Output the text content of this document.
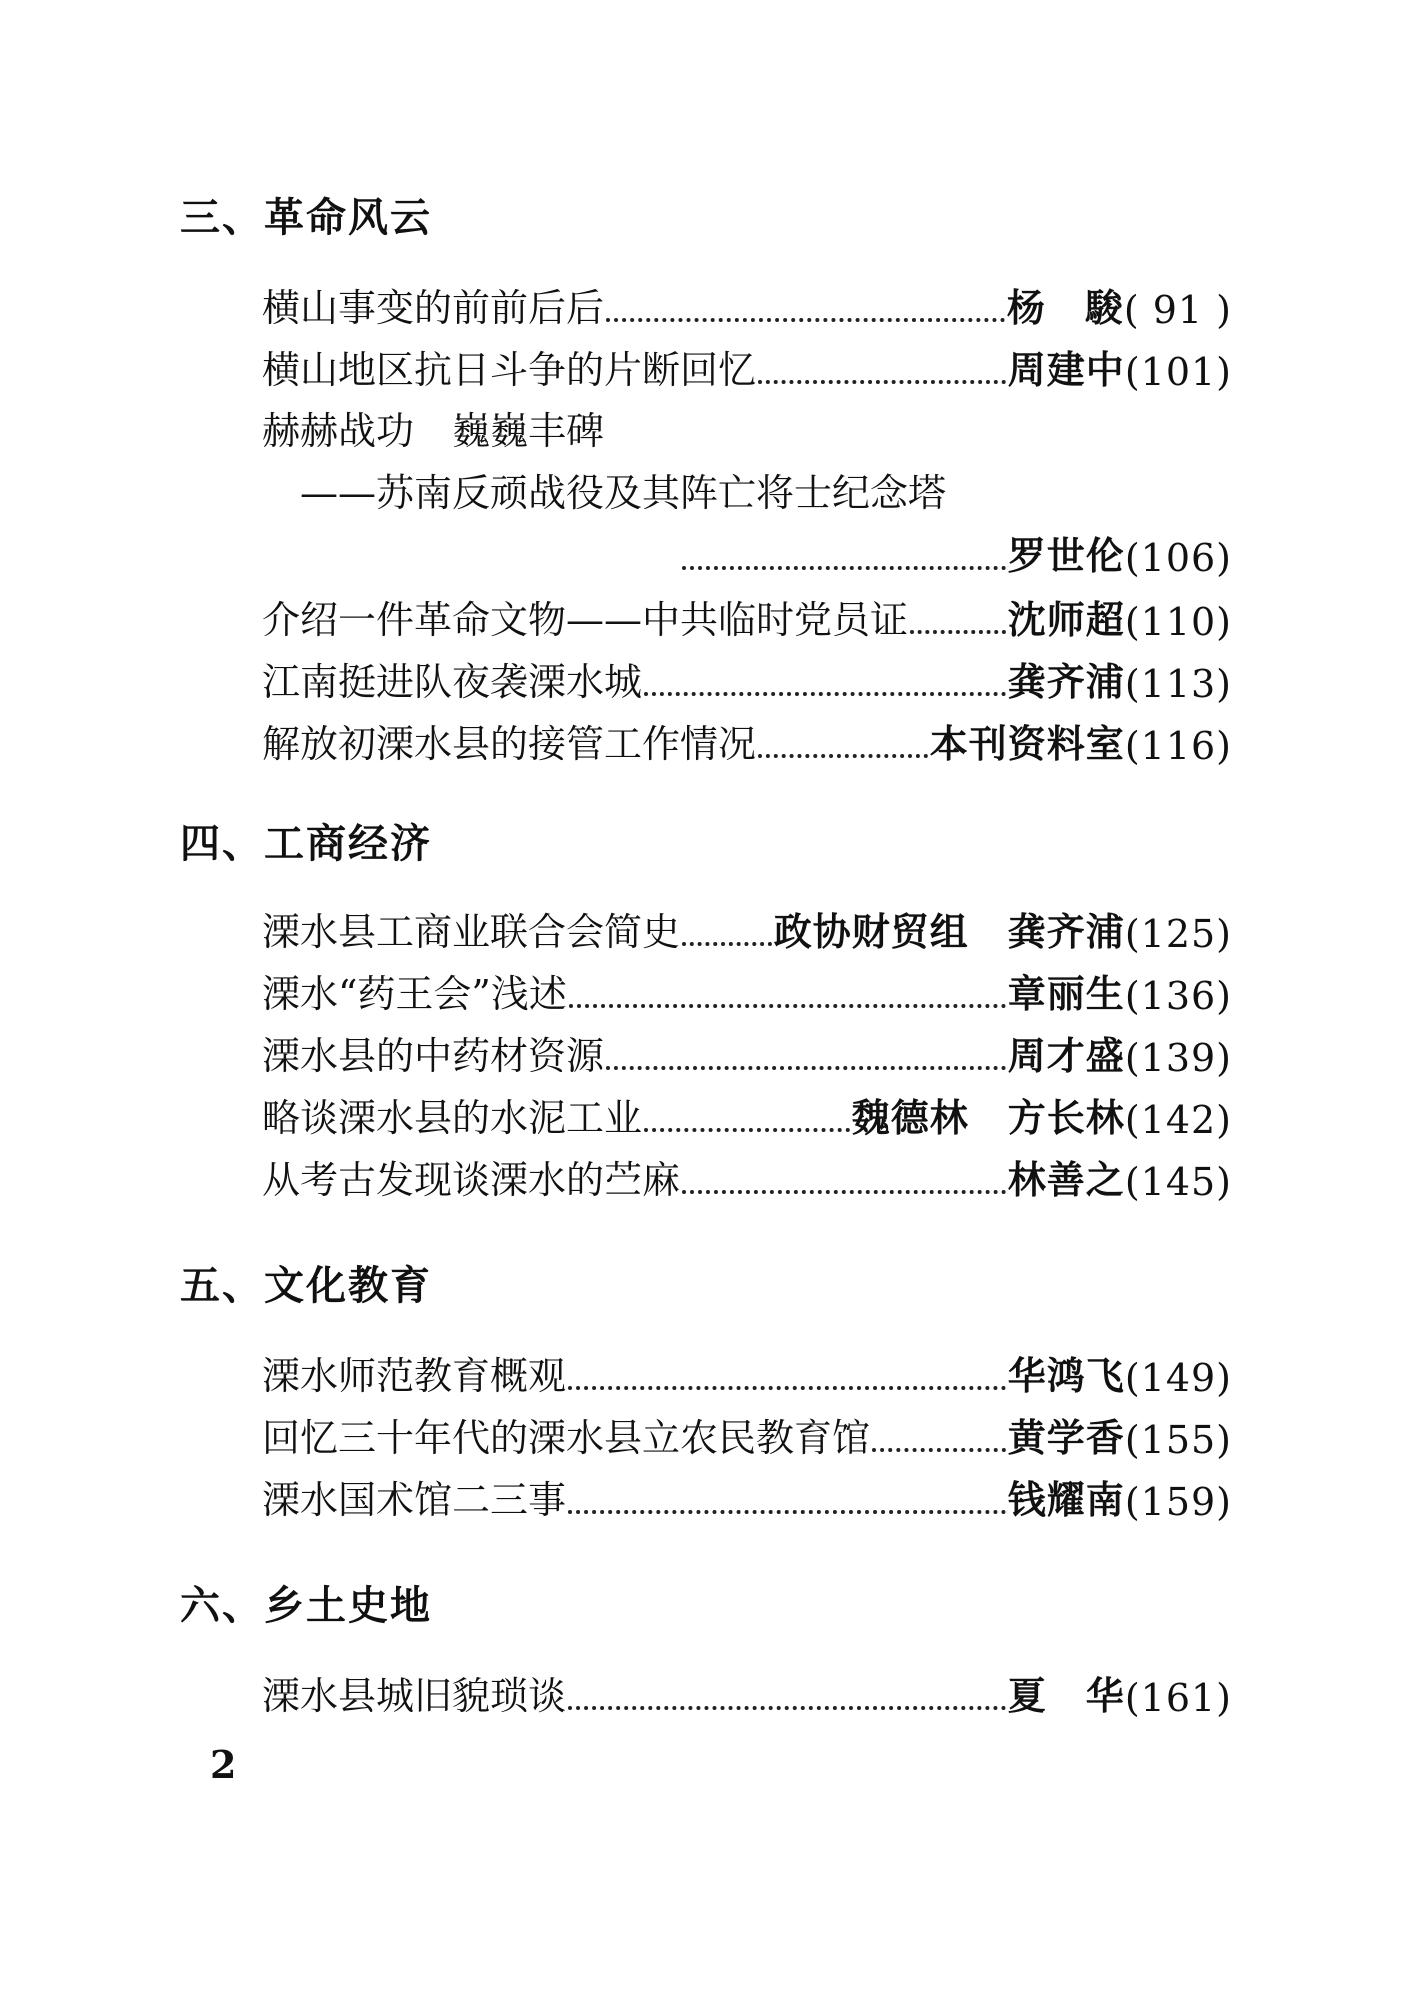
三、革命风云
横山事变的前前后后	杨　駿 ( 91 )
横山地区抗日斗争的片断回忆	周建中 (101)
赫赫战功 巍巍丰碑
——苏南反顽战役及其阵亡将士纪念塔
罗世伦 (106)
介绍一件革命文物——中共临时党员证	沈师超 (110)
江南挺进队夜袭溧水城	龚齐浦 (113)
解放初溧水县的接管工作情况	本刊资料室 (116)
四、工商经济
溧水县工商业联合会简史 政协财贸组　龚齐浦 (125)
溧水“药王会”浅述	章丽生 (136)
溧水县的中药材资源	周才盛 (139)
略谈溧水县的水泥工业	魏德林　方长林 (142)
从考古发现谈溧水的苎麻	林善之 (145)
五、文化教育
溧水师范教育概观	华鸿飞 (149)
回忆三十年代的溧水县立农民教育馆	黄学香 (155)
溧水国术馆二三事	钱耀南 (159)
六、乡土史地
溧水县城旧貌琐谈	夏　华 (161)
2
